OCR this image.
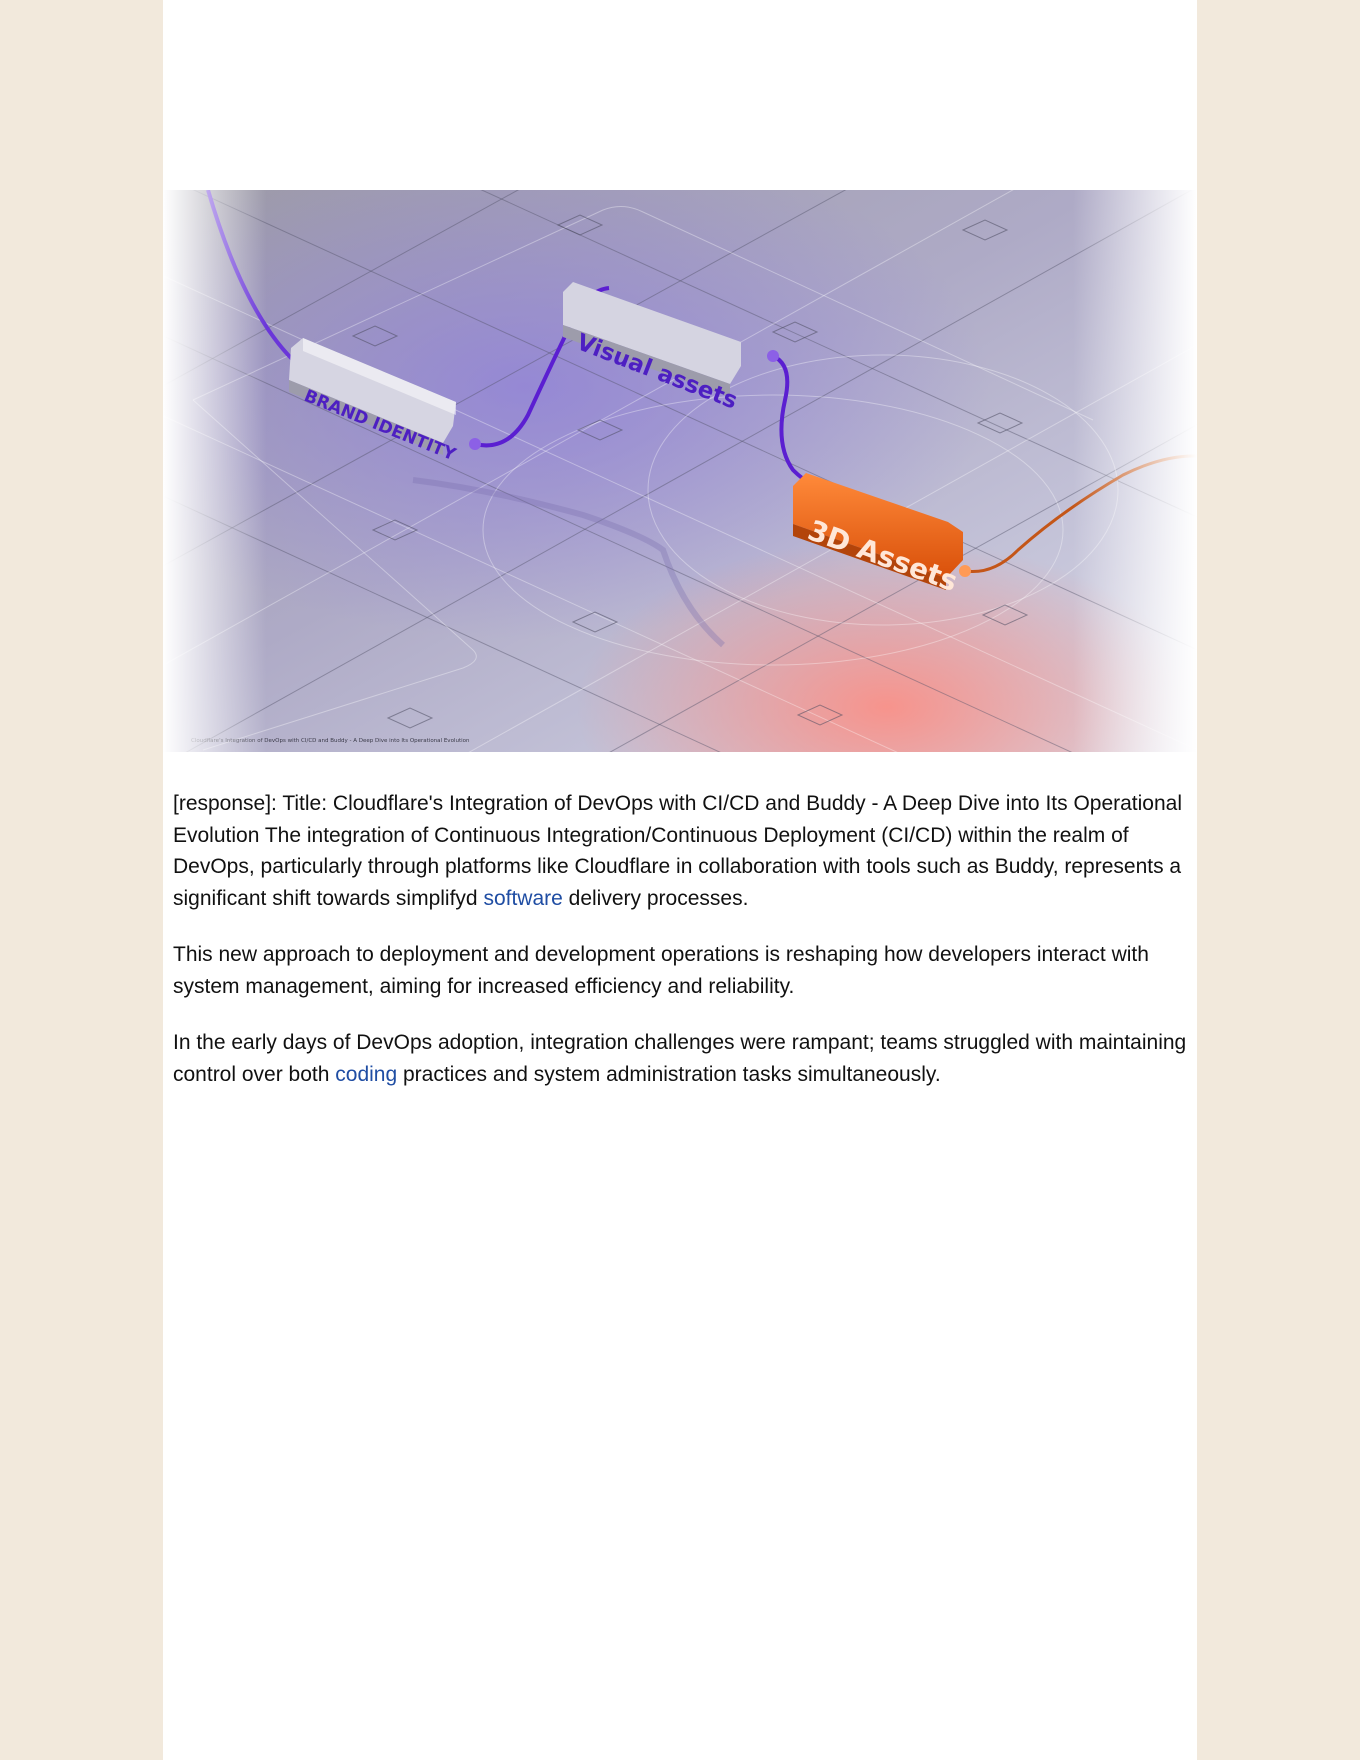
[response]: Title: Cloudflare's Integration of DevOps with CI/CD and Buddy - A Deep Dive into Its Operational Evolution The integration of Continuous Integration/Continuous Deployment (CI/CD) within the realm of DevOps, particularly through platforms like Cloudflare in collaboration with tools such as Buddy, represents a significant shift towards simplifyd software delivery processes.

This new approach to deployment and development operations is reshaping how developers interact with system management, aiming for increased efficiency and reliability.

In the early days of DevOps adoption, integration challenges were rampant; teams struggled with maintaining control over both coding practices and system administration tasks simultaneously.
